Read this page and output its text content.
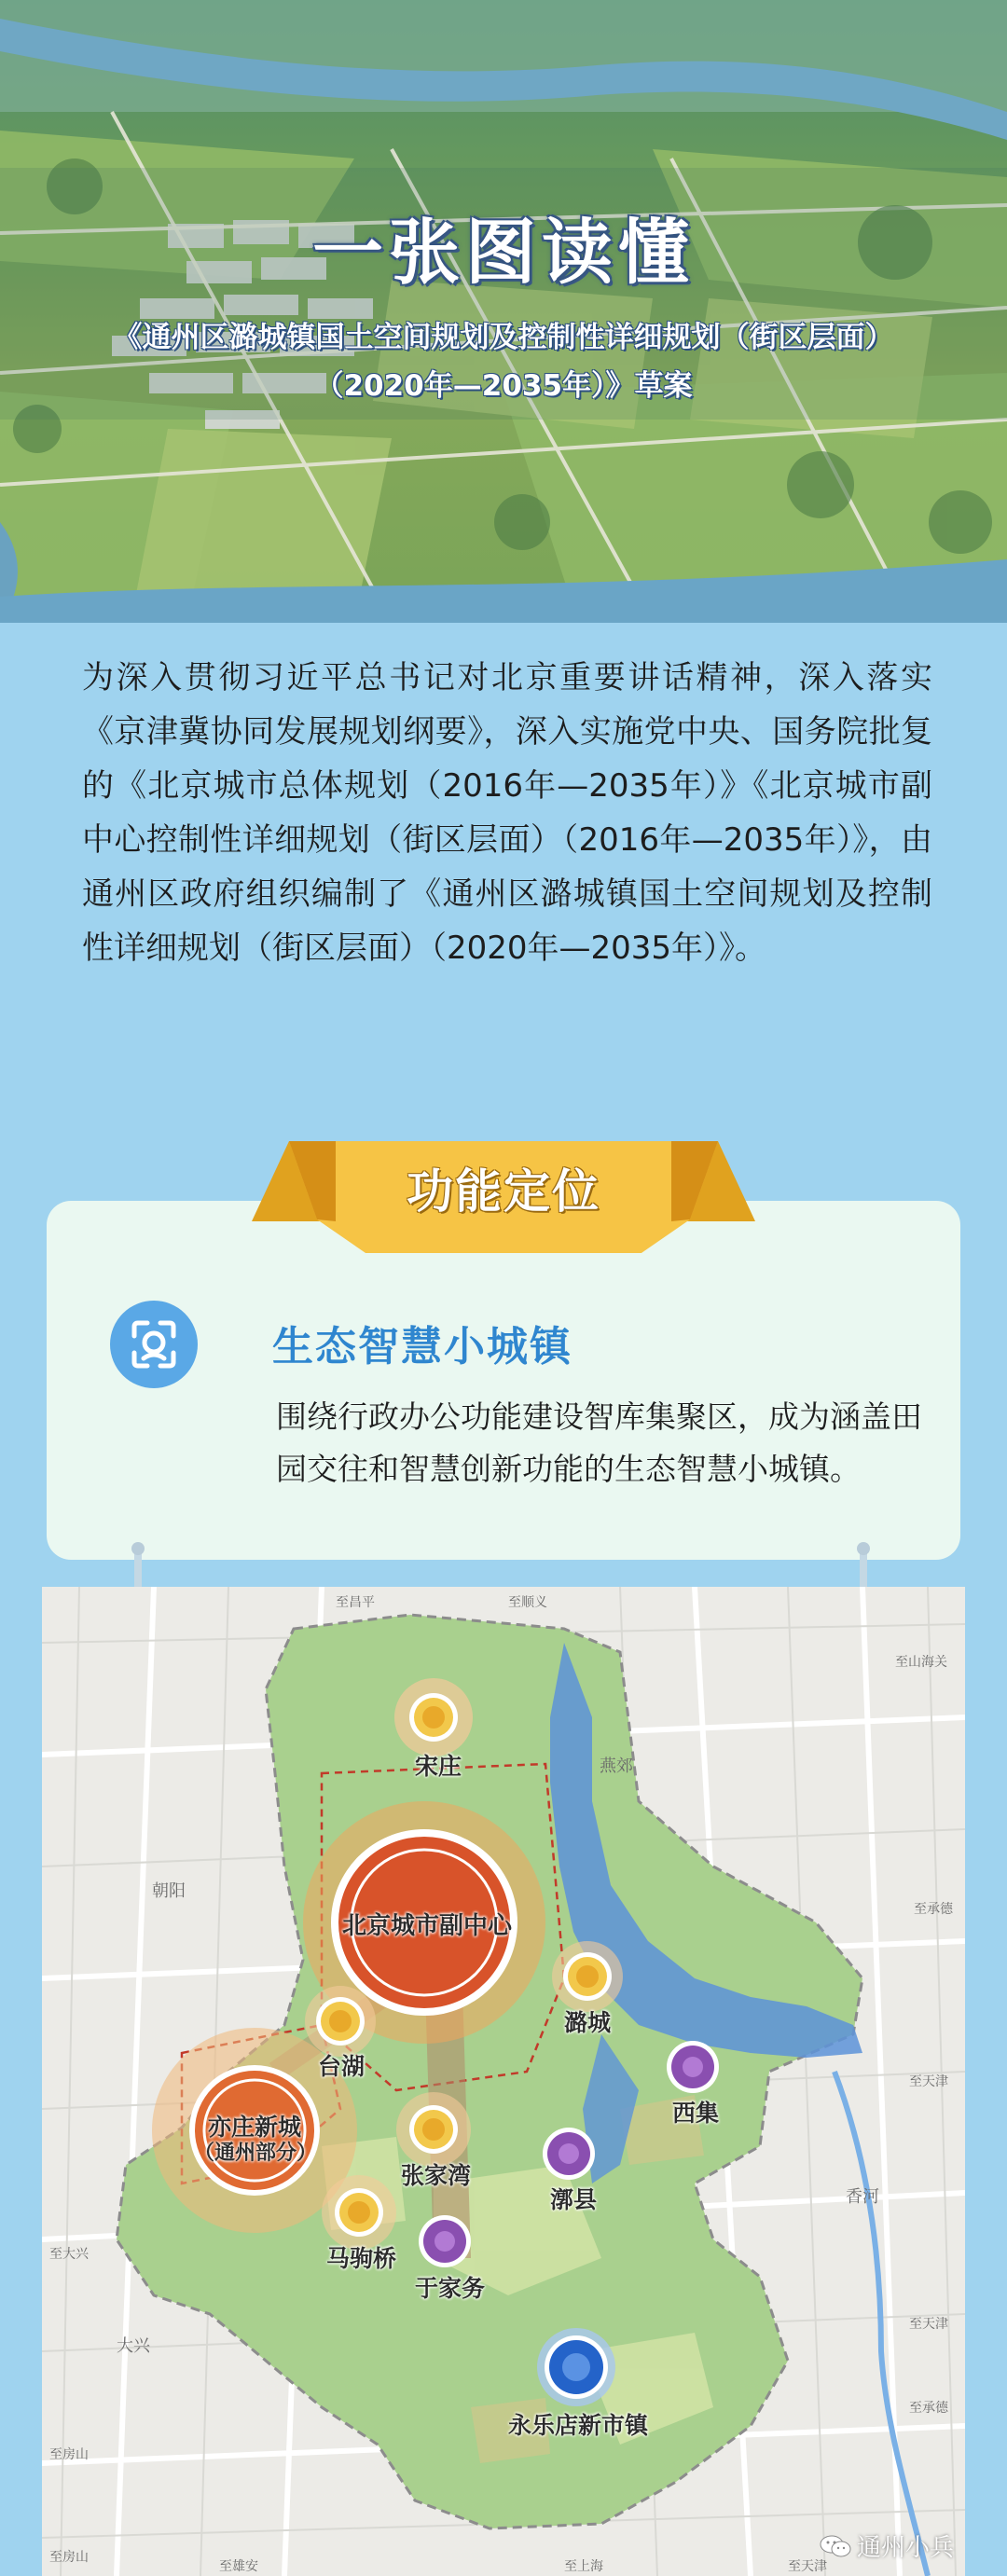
一张图读懂
《通州区潞城镇国土空间规划及控制性详细规划（街区层面）
（2020年—2035年）》草案
为深入贯彻习近平总书记对北京重要讲话精神，深入落实《京津冀协同发展规划纲要》，深入实施党中央、国务院批复的《北京城市总体规划（2016年—2035年）》《北京城市副中心控制性详细规划（街区层面）（2016年—2035年）》，由通州区政府组织编制了《通州区潞城镇国土空间规划及控制性详细规划（街区层面）（2020年—2035年）》。
功能定位
生态智慧小城镇
围绕行政办公功能建设智库集聚区，成为涵盖田园交往和智慧创新功能的生态智慧小城镇。
宋庄
北京城市副中心
潞城
台湖
西集
亦庄新城
（通州部分）
张家湾
漷县
马驹桥
于家务
永乐店新市镇
燕郊
朝阳
大兴
香河
至昌平	至顺义
至山海关
至承德
至大兴
至房山
至房山
至天津
至天津
至雄安	至上海	至天津
至承德
通州小兵
